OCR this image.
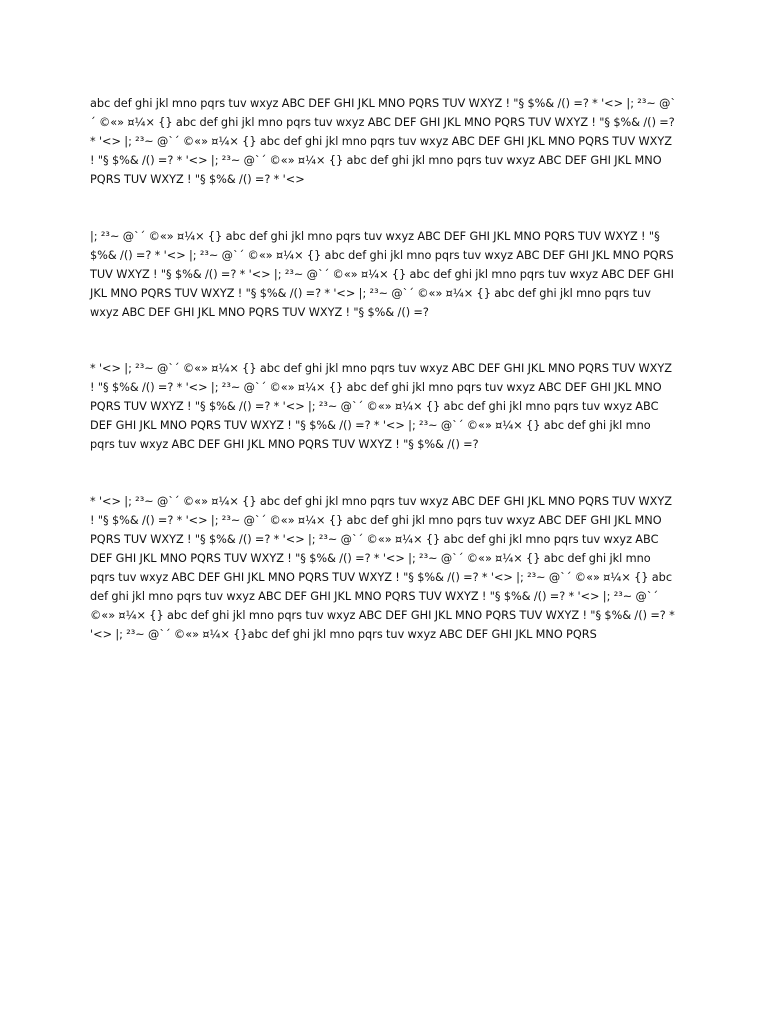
abc def ghi jkl mno pqrs tuv wxyz ABC DEF GHI JKL MNO PQRS TUV WXYZ ! "§ $%& /() =? * '<> |; ²³~ @`´ ©«» ¤¼× {} abc def ghi jkl mno pqrs tuv wxyz ABC DEF GHI JKL MNO PQRS TUV WXYZ ! "§ $%& /() =? * '<> |; ²³~ @`´ ©«» ¤¼× {} abc def ghi jkl mno pqrs tuv wxyz ABC DEF GHI JKL MNO PQRS TUV WXYZ ! "§ $%& /() =? * '<> |; ²³~ @`´ ©«» ¤¼× {} abc def ghi jkl mno pqrs tuv wxyz ABC DEF GHI JKL MNO PQRS TUV WXYZ ! "§ $%& /() =? * '<>

|; ²³~ @`´ ©«» ¤¼× {} abc def ghi jkl mno pqrs tuv wxyz ABC DEF GHI JKL MNO PQRS TUV WXYZ ! "§ $%& /() =? * '<> |; ²³~ @`´ ©«» ¤¼× {} abc def ghi jkl mno pqrs tuv wxyz ABC DEF GHI JKL MNO PQRS TUV WXYZ ! "§ $%& /() =? * '<> |; ²³~ @`´ ©«» ¤¼× {} abc def ghi jkl mno pqrs tuv wxyz ABC DEF GHI JKL MNO PQRS TUV WXYZ ! "§ $%& /() =? * '<> |; ²³~ @`´ ©«» ¤¼× {} abc def ghi jkl mno pqrs tuv wxyz ABC DEF GHI JKL MNO PQRS TUV WXYZ ! "§ $%& /() =?

* '<> |; ²³~ @`´ ©«» ¤¼× {} abc def ghi jkl mno pqrs tuv wxyz ABC DEF GHI JKL MNO PQRS TUV WXYZ ! "§ $%& /() =? * '<> |; ²³~ @`´ ©«» ¤¼× {} abc def ghi jkl mno pqrs tuv wxyz ABC DEF GHI JKL MNO PQRS TUV WXYZ ! "§ $%& /() =? * '<> |; ²³~ @`´ ©«» ¤¼× {} abc def ghi jkl mno pqrs tuv wxyz ABC DEF GHI JKL MNO PQRS TUV WXYZ ! "§ $%& /() =? * '<> |; ²³~ @`´ ©«» ¤¼× {} abc def ghi jkl mno pqrs tuv wxyz ABC DEF GHI JKL MNO PQRS TUV WXYZ ! "§ $%& /() =?

* '<> |; ²³~ @`´ ©«» ¤¼× {} abc def ghi jkl mno pqrs tuv wxyz ABC DEF GHI JKL MNO PQRS TUV WXYZ ! "§ $%& /() =? * '<> |; ²³~ @`´ ©«» ¤¼× {} abc def ghi jkl mno pqrs tuv wxyz ABC DEF GHI JKL MNO PQRS TUV WXYZ ! "§ $%& /() =? * '<> |; ²³~ @`´ ©«» ¤¼× {} abc def ghi jkl mno pqrs tuv wxyz ABC DEF GHI JKL MNO PQRS TUV WXYZ ! "§ $%& /() =? * '<> |; ²³~ @`´ ©«» ¤¼× {} abc def ghi jkl mno pqrs tuv wxyz ABC DEF GHI JKL MNO PQRS TUV WXYZ ! "§ $%& /() =? * '<> |; ²³~ @`´ ©«» ¤¼× {} abc def ghi jkl mno pqrs tuv wxyz ABC DEF GHI JKL MNO PQRS TUV WXYZ ! "§ $%& /() =? * '<> |; ²³~ @`´ ©«» ¤¼× {} abc def ghi jkl mno pqrs tuv wxyz ABC DEF GHI JKL MNO PQRS TUV WXYZ ! "§ $%& /() =? * '<> |; ²³~ @`´ ©«» ¤¼× {}abc def ghi jkl mno pqrs tuv wxyz ABC DEF GHI JKL MNO PQRS
